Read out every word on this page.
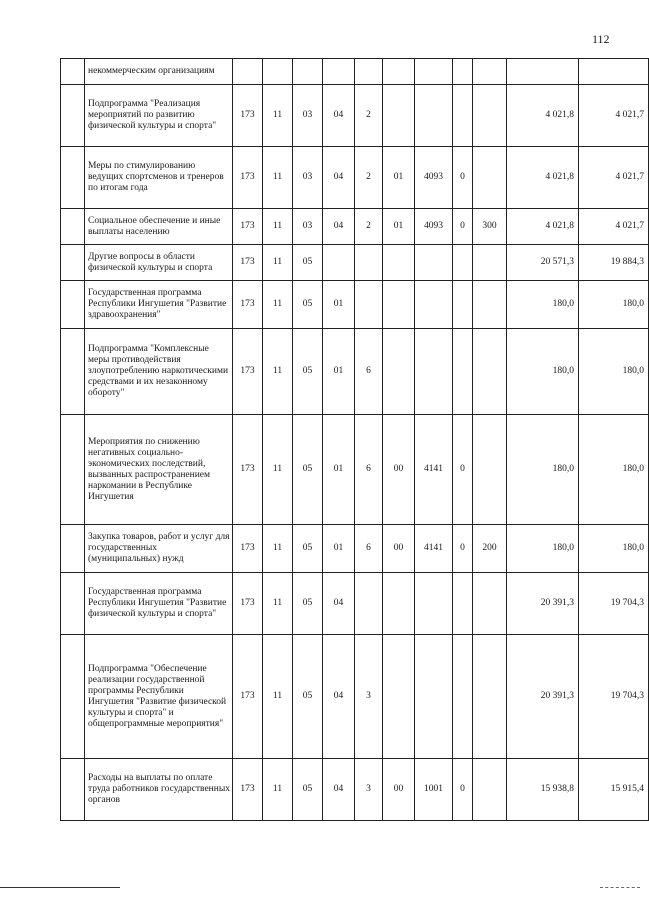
112
	некоммерческим организациям											
	Подпрограмма "Реализация мероприятий по развитию физической культуры и спорта"	173	11	03	04	2					4 021,8	4 021,7
	Меры по стимулированию ведущих спортсменов и тренеров по итогам года	173	11	03	04	2	01	4093	0		4 021,8	4 021,7
	Социальное обеспечение и иные выплаты населению	173	11	03	04	2	01	4093	0	300	4 021,8	4 021,7
	Другие вопросы в области физической культуры и спорта	173	11	05							20 571,3	19 884,3
	Государственная программа Республики Ингушетия "Развитие здравоохранения"	173	11	05	01						180,0	180,0
	Подпрограмма "Комплексные меры противодействия злоупотреблению наркотическими средствами и их незаконному обороту"	173	11	05	01	6					180,0	180,0
	Мероприятия по снижению негативных социально-экономических последствий, вызванных распространением наркомании в Республике Ингушетия	173	11	05	01	6	00	4141	0		180,0	180,0
	Закупка товаров, работ и услуг для государственных (муниципальных) нужд	173	11	05	01	6	00	4141	0	200	180,0	180,0
	Государственная программа Республики Ингушетия "Развитие физической культуры и спорта"	173	11	05	04						20 391,3	19 704,3
	Подпрограмма "Обеспечение реализации государственной программы Республики Ингушетия "Развитие физической культуры и спорта" и общепрограммные мероприятия"	173	11	05	04	3					20 391,3	19 704,3
	Расходы на выплаты по оплате труда работников государственных органов	173	11	05	04	3	00	1001	0		15 938,8	15 915,4
